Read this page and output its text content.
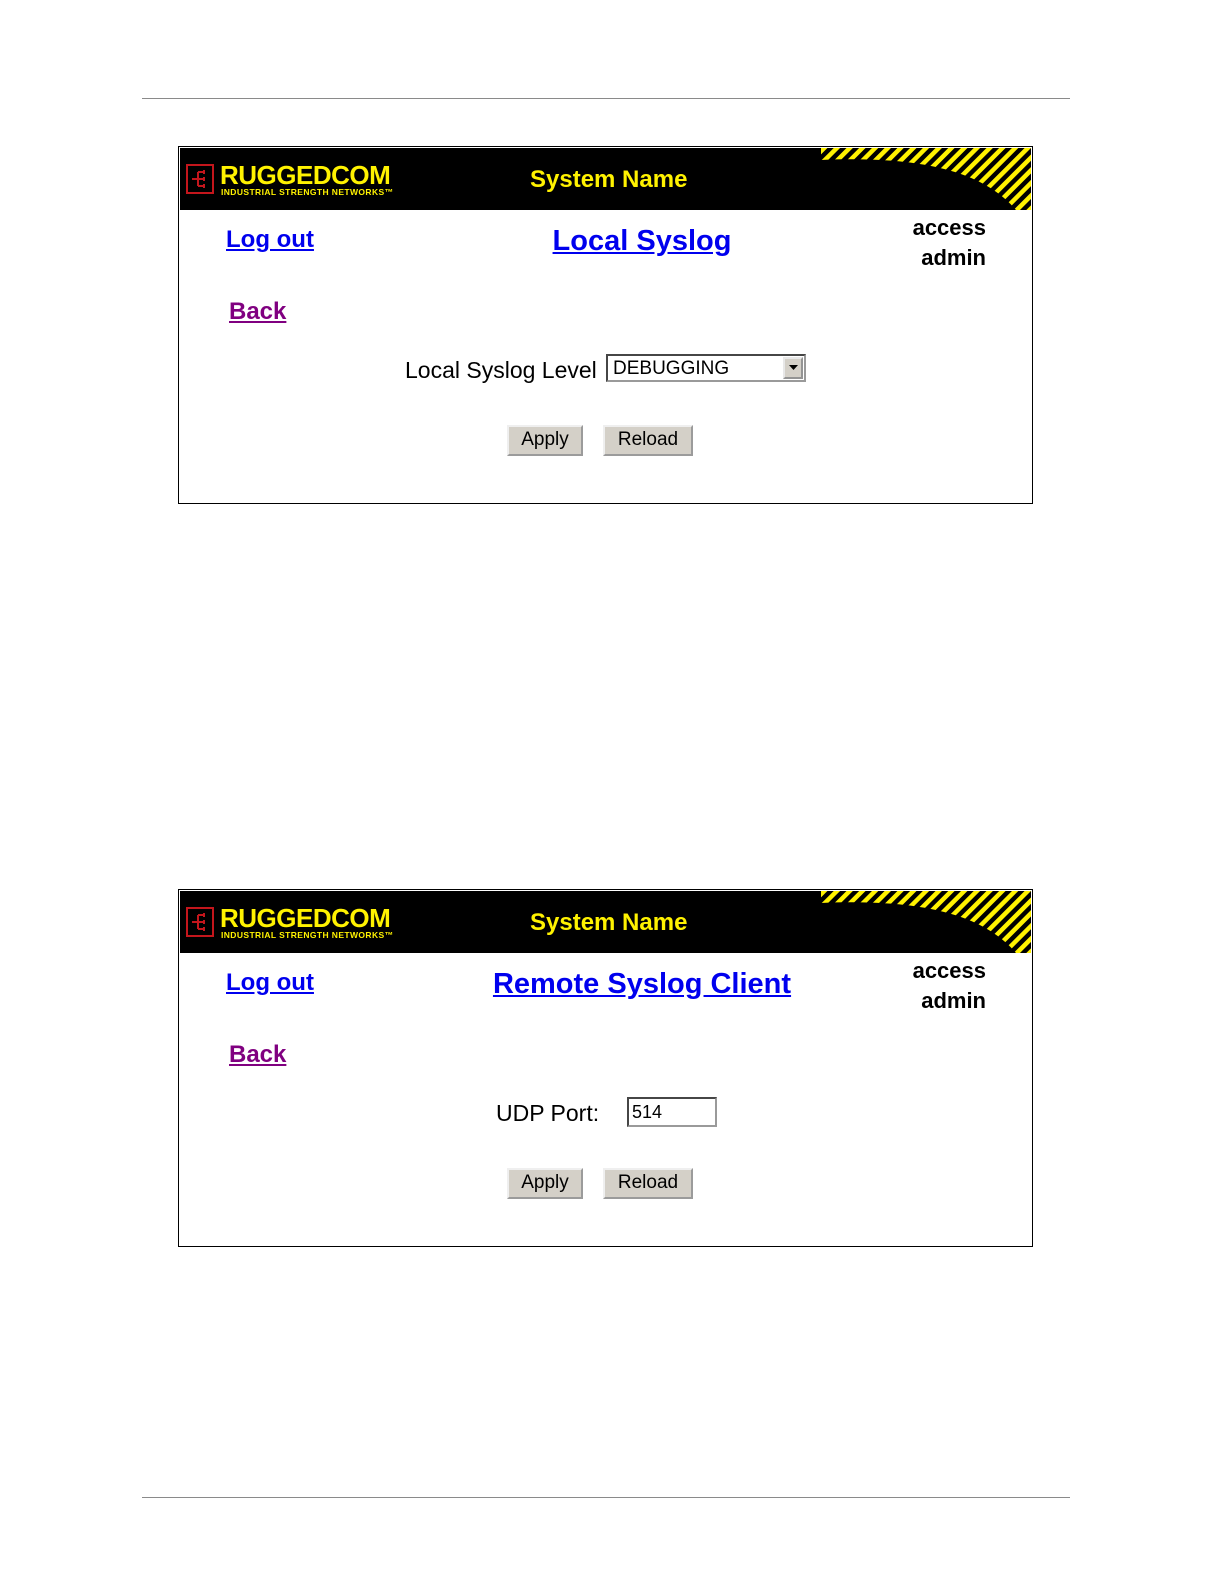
RUGGEDCOM
INDUSTRIAL STRENGTH NETWORKS™	System Name
Log out	Local Syslog	access
admin
Back
Local Syslog Level DEBUGGING
Apply	Reload
RUGGEDCOM
INDUSTRIAL STRENGTH NETWORKS™	System Name
Log out	Remote Syslog Client	access
admin
Back
UDP Port:
514
Apply	Reload
